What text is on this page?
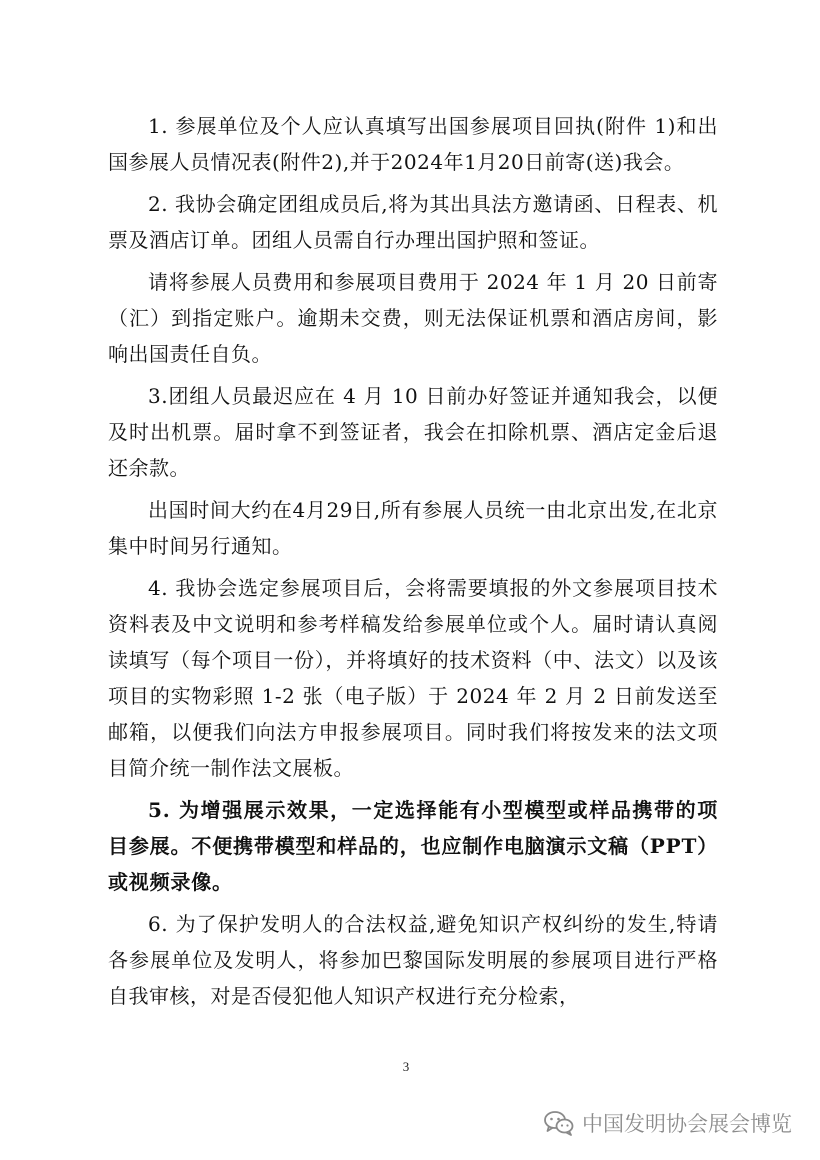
1. 参展单位及个人应认真填写出国参展项目回执(附件 1)和出国参展人员情况表(附件2),并于2024年1月20日前寄(送)我会。

2. 我协会确定团组成员后,将为其出具法方邀请函、日程表、机票及酒店订单。团组人员需自行办理出国护照和签证。

请将参展人员费用和参展项目费用于 2024 年 1 月 20 日前寄（汇）到指定账户。逾期未交费，则无法保证机票和酒店房间，影响出国责任自负。

3.团组人员最迟应在 4 月 10 日前办好签证并通知我会，以便及时出机票。届时拿不到签证者，我会在扣除机票、酒店定金后退还余款。

出国时间大约在4月29日,所有参展人员统一由北京出发,在北京集中时间另行通知。

4. 我协会选定参展项目后，会将需要填报的外文参展项目技术资料表及中文说明和参考样稿发给参展单位或个人。届时请认真阅读填写（每个项目一份），并将填好的技术资料（中、法文）以及该项目的实物彩照 1-2 张（电子版）于 2024 年 2 月 2 日前发送至邮箱，以便我们向法方申报参展项目。同时我们将按发来的法文项目简介统一制作法文展板。

5. 为增强展示效果，一定选择能有小型模型或样品携带的项目参展。不便携带模型和样品的，也应制作电脑演示文稿（PPT）或视频录像。

6. 为了保护发明人的合法权益,避免知识产权纠纷的发生,特请各参展单位及发明人，将参加巴黎国际发明展的参展项目进行严格自我审核，对是否侵犯他人知识产权进行充分检索，

3
中国发明协会展会博览
